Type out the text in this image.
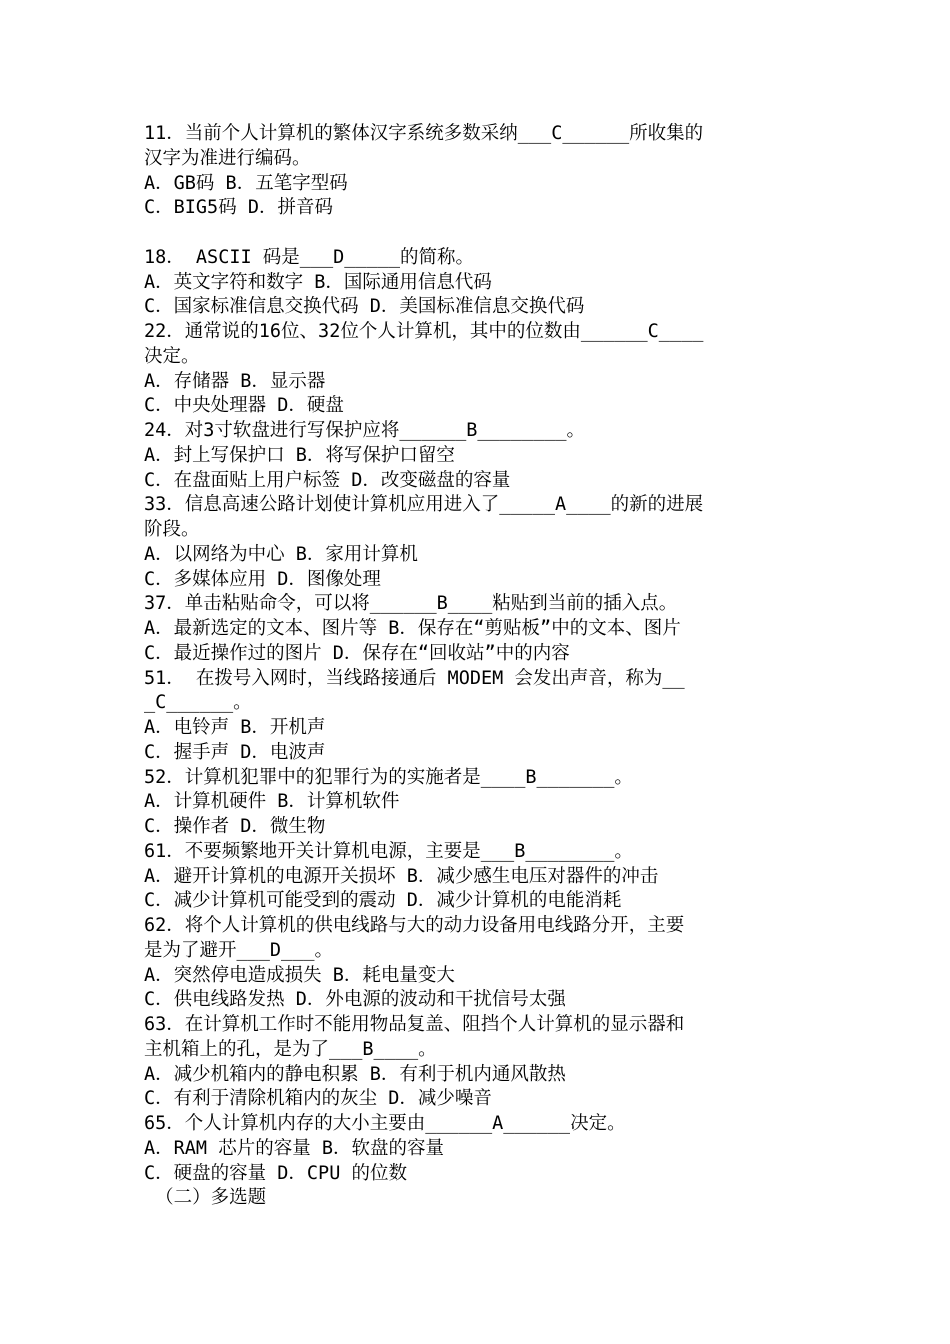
11．当前个人计算机的繁体汉字系统多数采纳___C______所收集的
汉字为准进行编码。
A．GB码 B．五笔字型码
C．BIG5码 D．拼音码
18． ASCII 码是___D_____的简称。
A．英文字符和数字 B．国际通用信息代码
C．国家标准信息交换代码 D．美国标准信息交换代码
22．通常说的16位、32位个人计算机，其中的位数由______C____
决定。
A．存储器 B．显示器
C．中央处理器 D．硬盘
24．对3寸软盘进行写保护应将______B________。
A．封上写保护口 B．将写保护口留空
C．在盘面贴上用户标签 D．改变磁盘的容量
33．信息高速公路计划使计算机应用进入了_____A____的新的进展
阶段。
A．以网络为中心 B．家用计算机
C．多媒体应用 D．图像处理
37．单击粘贴命令，可以将______B____粘贴到当前的插入点。
A．最新选定的文本、图片等 B．保存在“剪贴板”中的文本、图片
C．最近操作过的图片 D．保存在“回收站”中的内容
51． 在拨号入网时，当线路接通后 MODEM 会发出声音，称为__
_C______。
A．电铃声 B．开机声
C．握手声 D．电波声
52．计算机犯罪中的犯罪行为的实施者是____B_______。
A．计算机硬件 B．计算机软件
C．操作者 D．微生物
61．不要频繁地开关计算机电源，主要是___B________。
A．避开计算机的电源开关损坏 B．减少感生电压对器件的冲击
C．减少计算机可能受到的震动 D．减少计算机的电能消耗
62．将个人计算机的供电线路与大的动力设备用电线路分开，主要
是为了避开___D___。
A．突然停电造成损失 B．耗电量变大
C．供电线路发热 D．外电源的波动和干扰信号太强
63．在计算机工作时不能用物品复盖、阻挡个人计算机的显示器和
主机箱上的孔，是为了___B____。
A．减少机箱内的静电积累 B．有利于机内通风散热
C．有利于清除机箱内的灰尘 D．减少噪音
65．个人计算机内存的大小主要由______A______决定。
A．RAM 芯片的容量 B．软盘的容量
C．硬盘的容量 D．CPU 的位数
（二）多选题
